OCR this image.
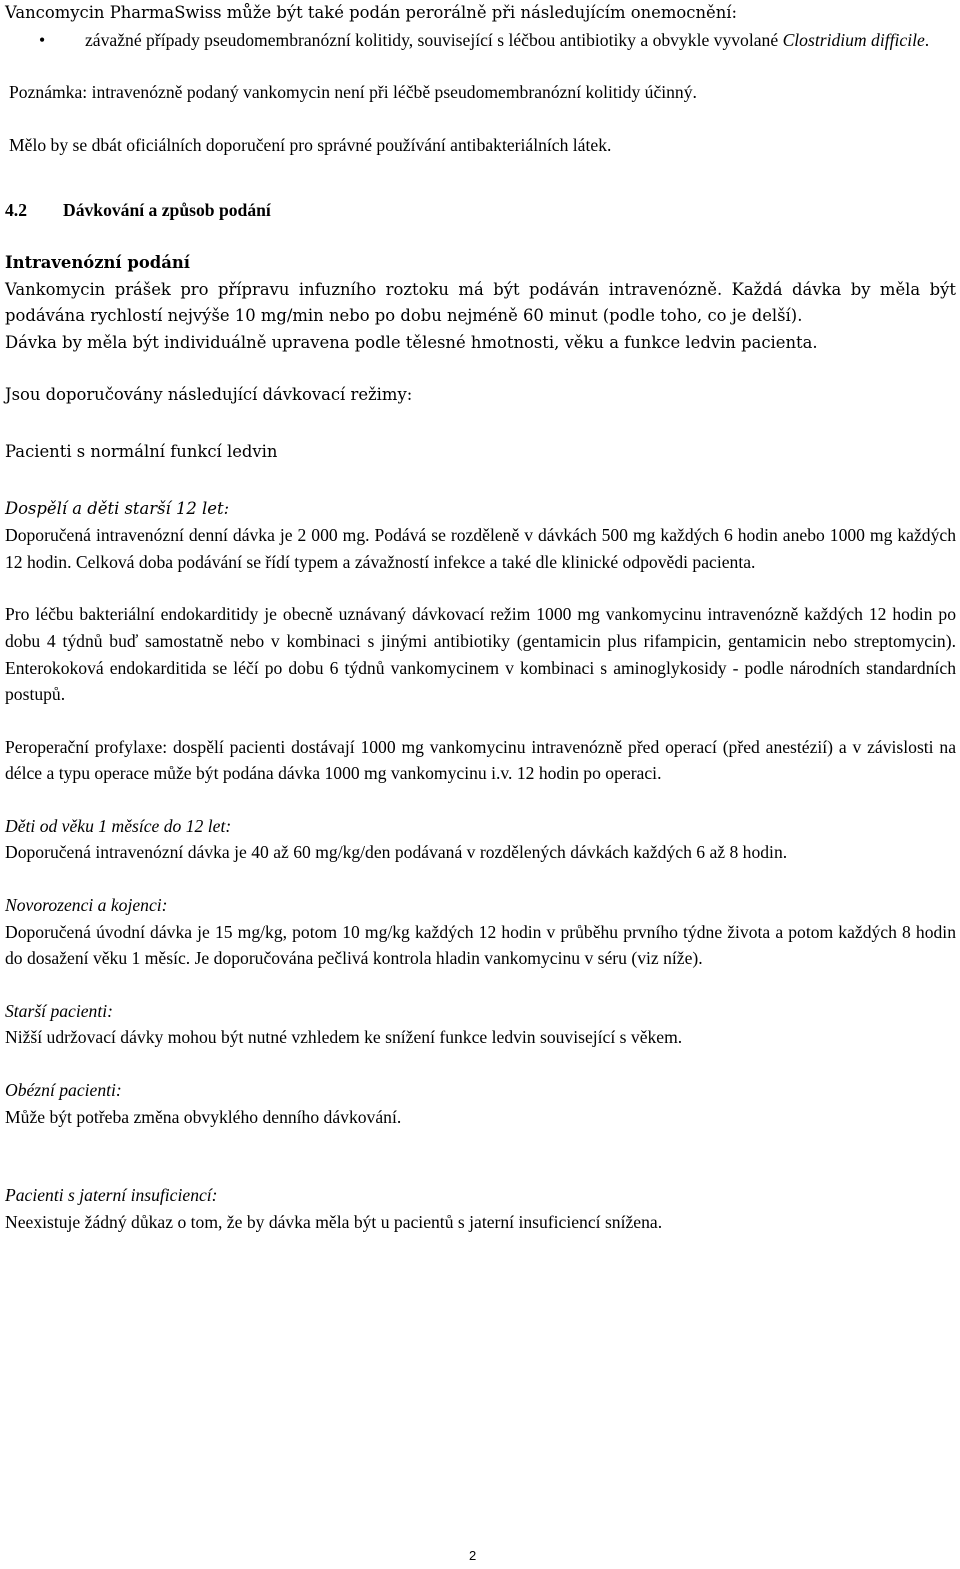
Vancomycin PharmaSwiss může být také podán perorálně při následujícím onemocnění:

• závažné případy pseudomembranózní kolitidy, související s léčbou antibiotiky a obvykle vyvolané Clostridium difficile.

Poznámka: intravenózně podaný vankomycin není při léčbě pseudomembranózní kolitidy účinný.

Mělo by se dbát oficiálních doporučení pro správné používání antibakteriálních látek.

4.2 Dávkování a způsob podání

Intravenózní podání

Vankomycin prášek pro přípravu infuzního roztoku má být podáván intravenózně. Každá dávka by měla být podávána rychlostí nejvýše 10 mg/min nebo po dobu nejméně 60 minut (podle toho, co je delší).

Dávka by měla být individuálně upravena podle tělesné hmotnosti, věku a funkce ledvin pacienta.

Jsou doporučovány následující dávkovací režimy:

Pacienti s normální funkcí ledvin

Dospělí a děti starší 12 let:

Doporučená intravenózní denní dávka je 2 000 mg. Podává se rozděleně v dávkách 500 mg každých 6 hodin anebo 1000 mg každých 12 hodin. Celková doba podávání se řídí typem a závažností infekce a také dle klinické odpovědi pacienta.

Pro léčbu bakteriální endokarditidy je obecně uznávaný dávkovací režim 1000 mg vankomycinu intravenózně každých 12 hodin po dobu 4 týdnů buď samostatně nebo v kombinaci s jinými antibiotiky (gentamicin plus rifampicin, gentamicin nebo streptomycin). Enterokoková endokarditida se léčí po dobu 6 týdnů vankomycinem v kombinaci s aminoglykosidy - podle národních standardních postupů.

Peroperační profylaxe: dospělí pacienti dostávají 1000 mg vankomycinu intravenózně před operací (před anestézií) a v závislosti na délce a typu operace může být podána dávka 1000 mg vankomycinu i.v. 12 hodin po operaci.

Děti od věku 1 měsíce do 12 let:

Doporučená intravenózní dávka je 40 až 60 mg/kg/den podávaná v rozdělených dávkách každých 6 až 8 hodin.

Novorozenci a kojenci:

Doporučená úvodní dávka je 15 mg/kg, potom 10 mg/kg každých 12 hodin v průběhu prvního týdne života a potom každých 8 hodin do dosažení věku 1 měsíc. Je doporučována pečlivá kontrola hladin vankomycinu v séru (viz níže).

Starší pacienti:

Nižší udržovací dávky mohou být nutné vzhledem ke snížení funkce ledvin související s věkem.

Obézní pacienti:

Může být potřeba změna obvyklého denního dávkování.

Pacienti s jaterní insuficiencí:

Neexistuje žádný důkaz o tom, že by dávka měla být u pacientů s jaterní insuficiencí snížena.

2
